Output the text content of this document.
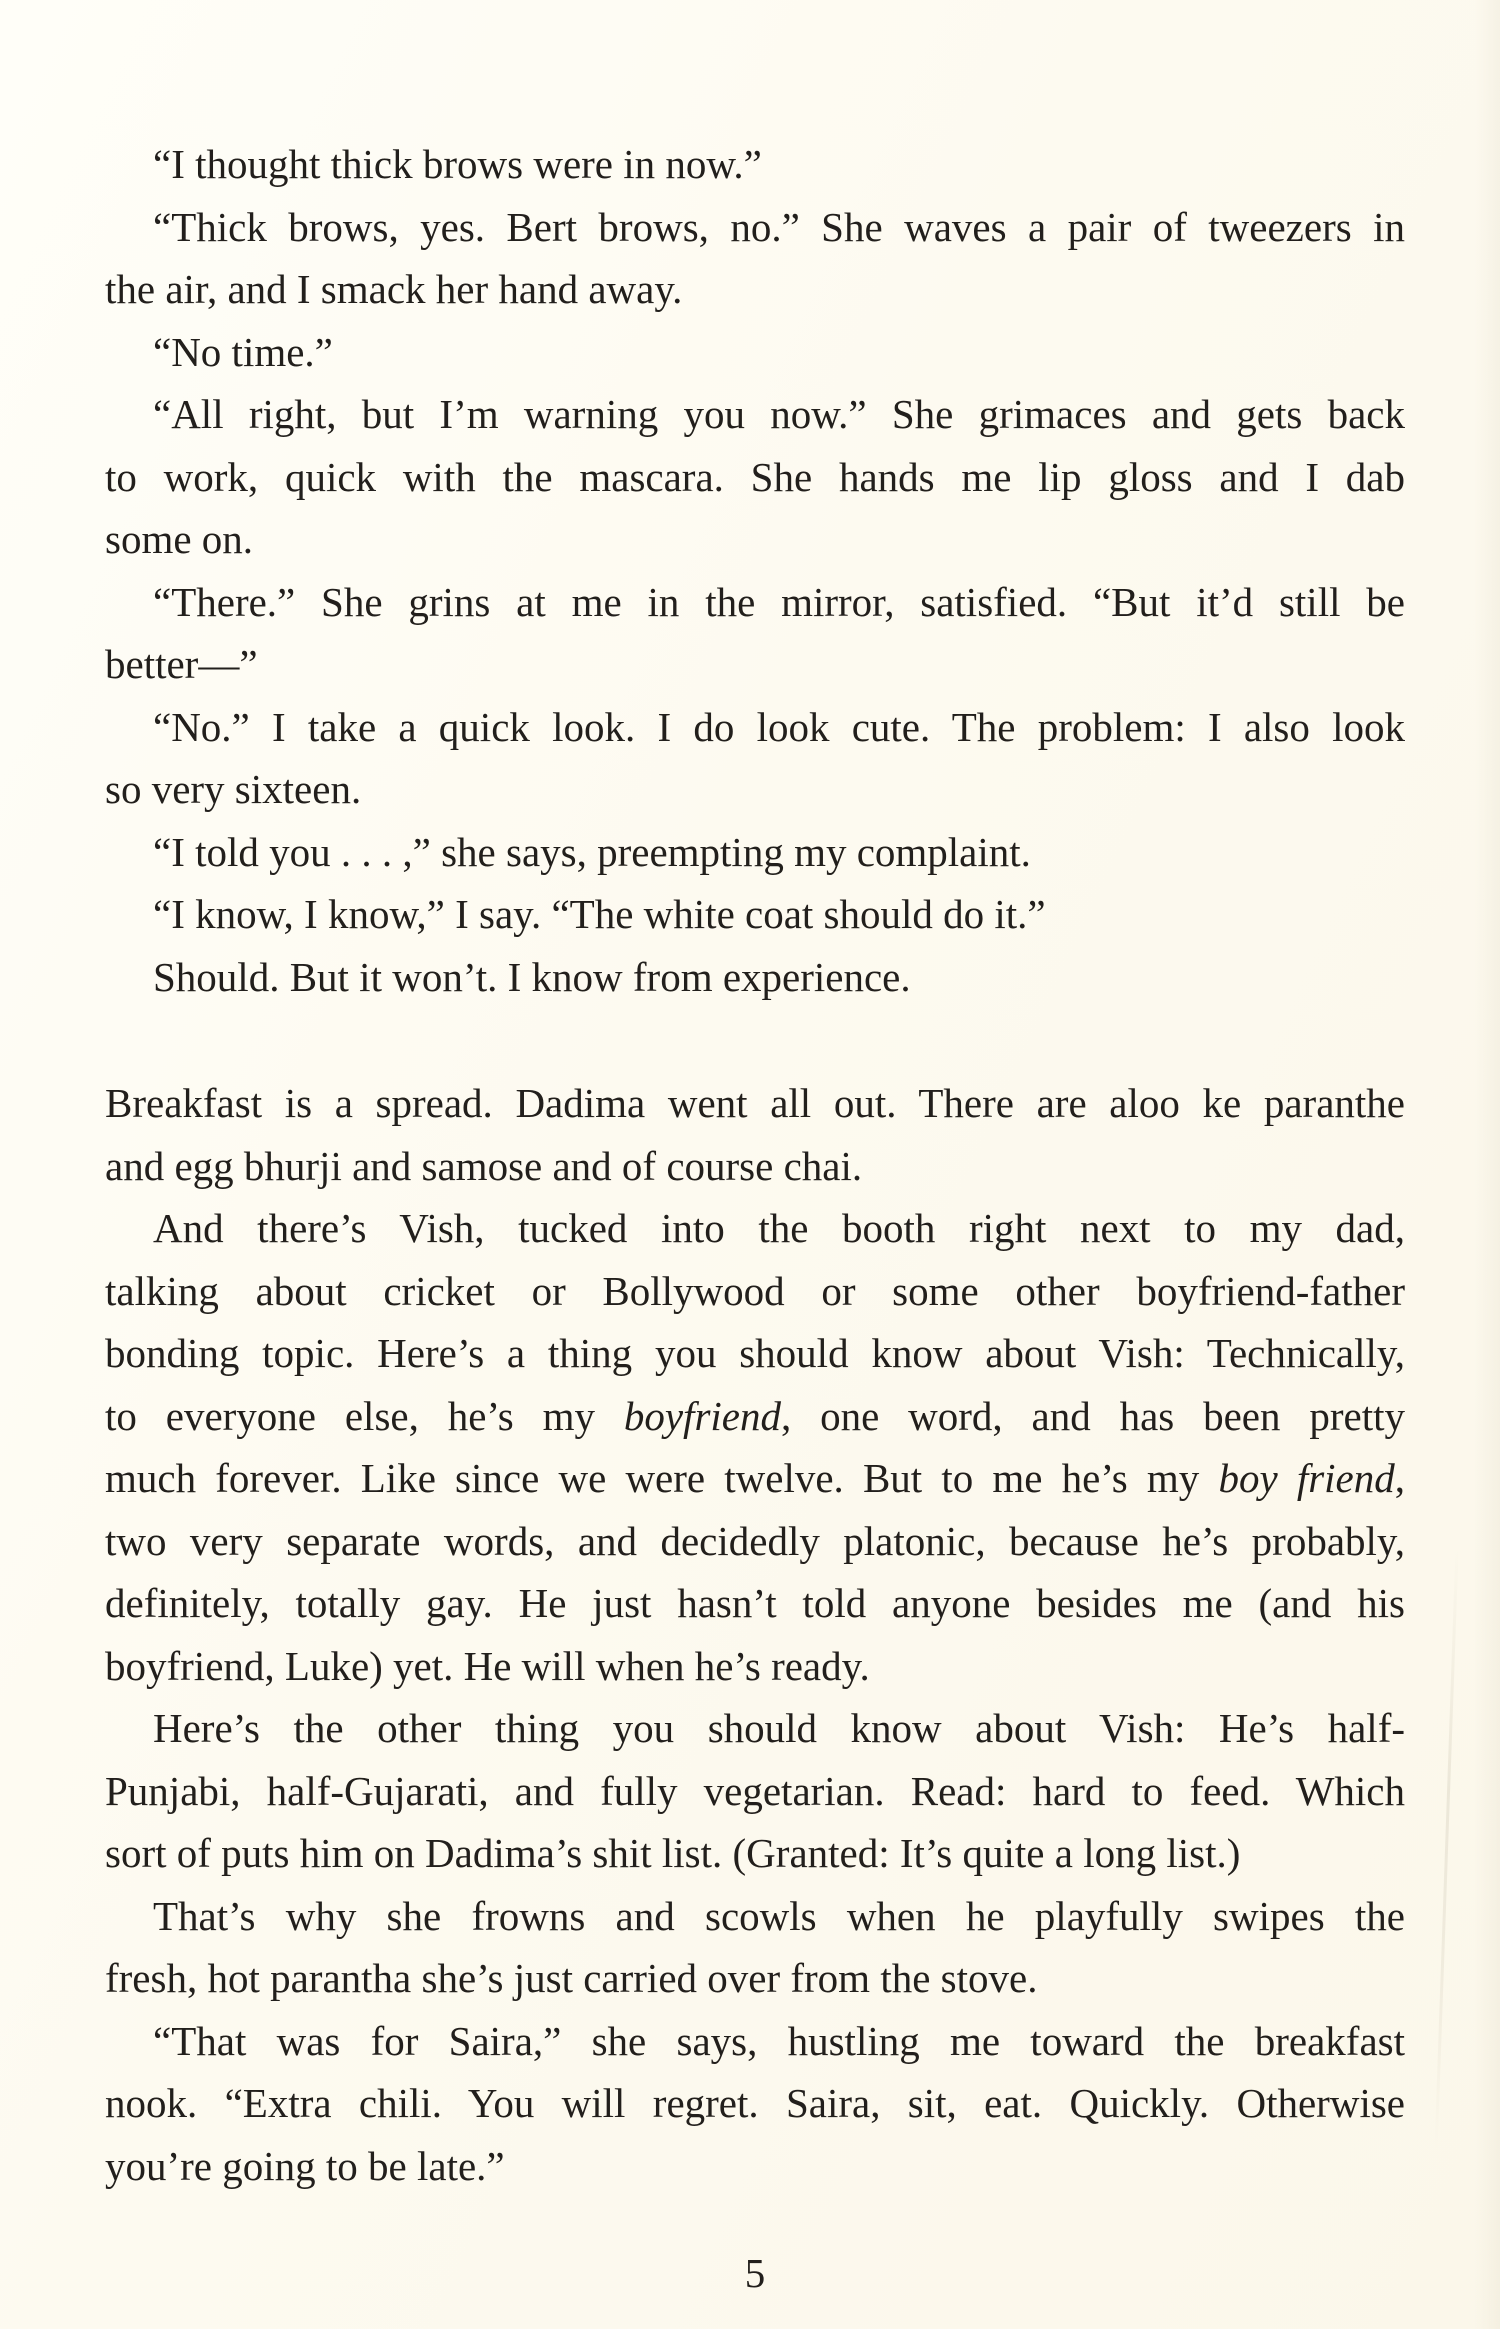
“I thought thick brows were in now.”
“Thick brows, yes. Bert brows, no.” She waves a pair of tweezers in
the air, and I smack her hand away.
“No time.”
“All right, but I’m warning you now.” She grimaces and gets back
to work, quick with the mascara. She hands me lip gloss and I dab
some on.
“There.” She grins at me in the mirror, satisfied. “But it’d still be
better—”
“No.” I take a quick look. I do look cute. The problem: I also look
so very sixteen.
“I told you . . . ,” she says, preempting my complaint.
“I know, I know,” I say. “The white coat should do it.”
Should. But it won’t. I know from experience.
Breakfast is a spread. Dadima went all out. There are aloo ke paranthe
and egg bhurji and samose and of course chai.
And there’s Vish, tucked into the booth right next to my dad,
talking about cricket or Bollywood or some other boyfriend-father
bonding topic. Here’s a thing you should know about Vish: Technically,
to everyone else, he’s my boyfriend, one word, and has been pretty
much forever. Like since we were twelve. But to me he’s my boy friend,
two very separate words, and decidedly platonic, because he’s probably,
definitely, totally gay. He just hasn’t told anyone besides me (and his
boyfriend, Luke) yet. He will when he’s ready.
Here’s the other thing you should know about Vish: He’s half-
Punjabi, half-Gujarati, and fully vegetarian. Read: hard to feed. Which
sort of puts him on Dadima’s shit list. (Granted: It’s quite a long list.)
That’s why she frowns and scowls when he playfully swipes the
fresh, hot parantha she’s just carried over from the stove.
“That was for Saira,” she says, hustling me toward the breakfast
nook. “Extra chili. You will regret. Saira, sit, eat. Quickly. Otherwise
you’re going to be late.”
5
